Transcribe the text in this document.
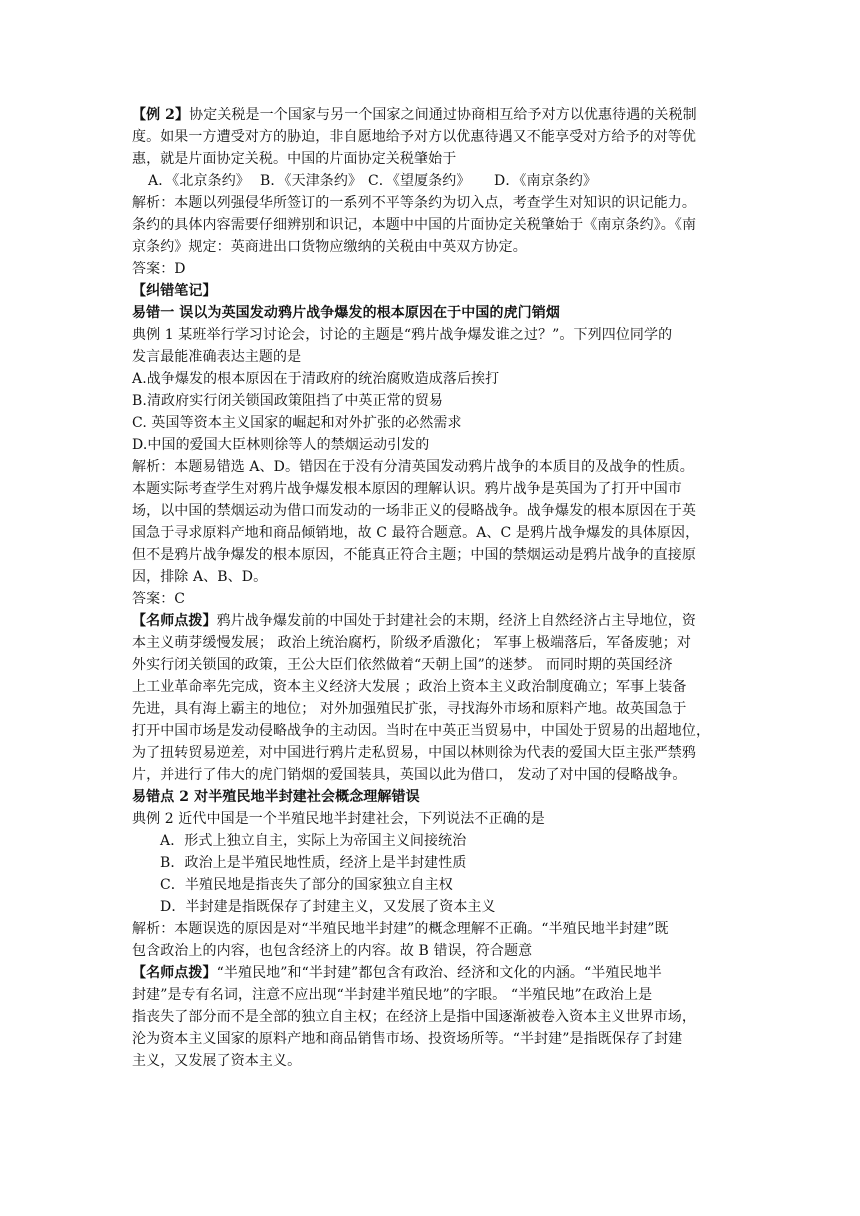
【例 2】协定关税是一个国家与另一个国家之间通过协商相互给予对方以优惠待遇的关税制
度。如果一方遭受对方的胁迫，非自愿地给予对方以优惠待遇又不能享受对方给予的对等优
惠，就是片面协定关税。中国的片面协定关税肇始于
A．《北京条约》 B．《天津条约》 C．《望厦条约》	D．《南京条约》
解析：本题以列强侵华所签订的一系列不平等条约为切入点，考查学生对知识的识记能力。
条约的具体内容需要仔细辨别和识记，本题中中国的片面协定关税肇始于《南京条约》。《南
京条约》规定：英商进出口货物应缴纳的关税由中英双方协定。
答案：D
【纠错笔记】
易错一 误以为英国发动鸦片战争爆发的根本原因在于中国的虎门销烟
典例 1 某班举行学习讨论会，讨论的主题是“鸦片战争爆发谁之过？”。下列四位同学的
发言最能准确表达主题的是
A.战争爆发的根本原因在于清政府的统治腐败造成落后挨打
B.清政府实行闭关锁国政策阻挡了中英正常的贸易
C. 英国等资本主义国家的崛起和对外扩张的必然需求
D.中国的爱国大臣林则徐等人的禁烟运动引发的
解析：本题易错选 A、D。错因在于没有分清英国发动鸦片战争的本质目的及战争的性质。
本题实际考查学生对鸦片战争爆发根本原因的理解认识。鸦片战争是英国为了打开中国市
场，以中国的禁烟运动为借口而发动的一场非正义的侵略战争。战争爆发的根本原因在于英
国急于寻求原料产地和商品倾销地，故 C 最符合题意。A、C 是鸦片战争爆发的具体原因，
但不是鸦片战争爆发的根本原因，不能真正符合主题；中国的禁烟运动是鸦片战争的直接原
因，排除 A、B、D。
答案：C
【名师点拨】鸦片战争爆发前的中国处于封建社会的末期，经济上自然经济占主导地位，资
本主义萌芽缓慢发展； 政治上统治腐朽，阶级矛盾激化； 军事上极端落后，军备废驰；对
外实行闭关锁国的政策，王公大臣们依然做着“天朝上国”的迷梦。 而同时期的英国经济
上工业革命率先完成，资本主义经济大发展 ；政治上资本主义政治制度确立；军事上装备
先进，具有海上霸主的地位； 对外加强殖民扩张，寻找海外市场和原料产地。故英国急于
打开中国市场是发动侵略战争的主动因。当时在中英正当贸易中，中国处于贸易的出超地位，
为了扭转贸易逆差，对中国进行鸦片走私贸易，中国以林则徐为代表的爱国大臣主张严禁鸦
片，并进行了伟大的虎门销烟的爱国装具，英国以此为借口， 发动了对中国的侵略战争。
易错点 2 对半殖民地半封建社会概念理解错误
典例 2 近代中国是一个半殖民地半封建社会，下列说法不正确的是
A．形式上独立自主，实际上为帝国主义间接统治
B．政治上是半殖民地性质，经济上是半封建性质
C．半殖民地是指丧失了部分的国家独立自主权
D．半封建是指既保存了封建主义，又发展了资本主义
解析：本题误选的原因是对“半殖民地半封建”的概念理解不正确。“半殖民地半封建”既
包含政治上的内容，也包含经济上的内容。故 B 错误，符合题意
【名师点拨】“半殖民地”和“半封建”都包含有政治、经济和文化的内涵。“半殖民地半
封建”是专有名词，注意不应出现“半封建半殖民地”的字眼。 “半殖民地”在政治上是
指丧失了部分而不是全部的独立自主权；在经济上是指中国逐渐被卷入资本主义世界市场，
沦为资本主义国家的原料产地和商品销售市场、投资场所等。“半封建”是指既保存了封建
主义，又发展了资本主义。
